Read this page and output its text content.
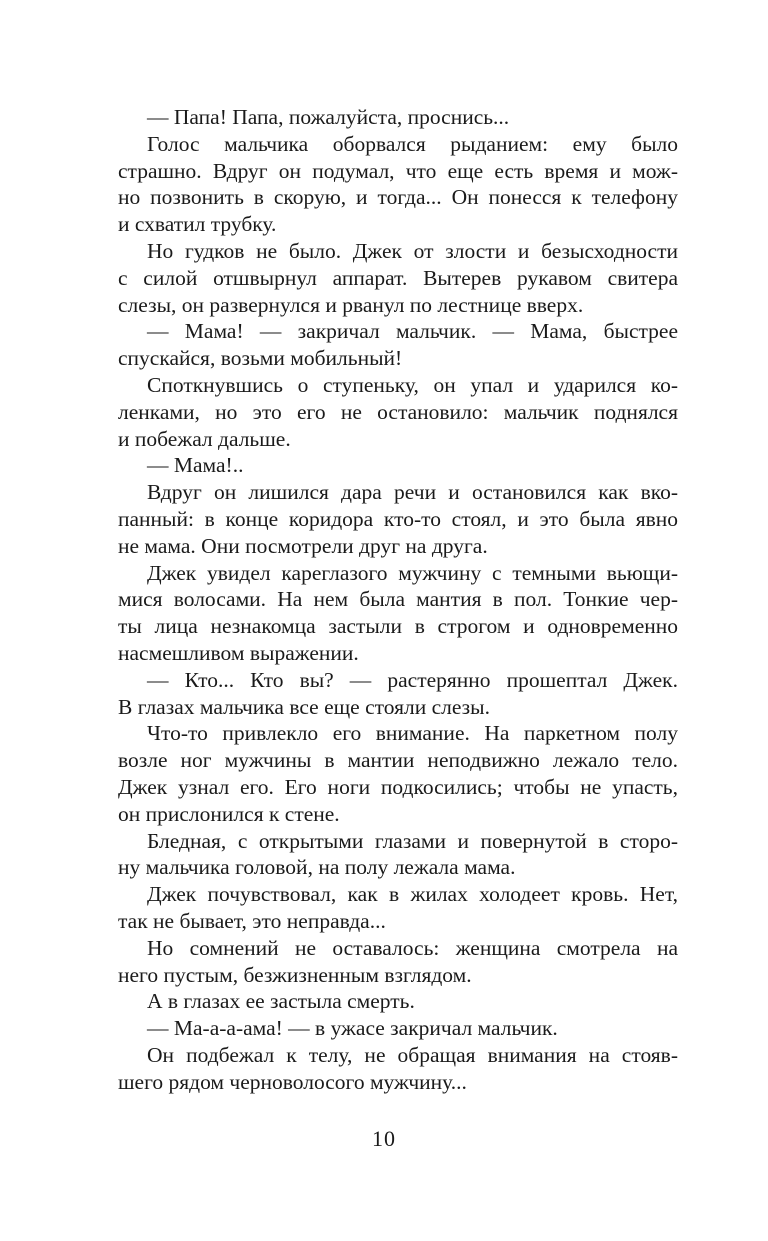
— Папа! Папа, пожалуйста, проснись...
Голос мальчика оборвался рыданием: ему было
страшно. Вдруг он подумал, что еще есть время и мож-
но позвонить в скорую, и тогда... Он понесся к телефону
и схватил трубку.
Но гудков не было. Джек от злости и безысходности
с силой отшвырнул аппарат. Вытерев рукавом свитера
слезы, он развернулся и рванул по лестнице вверх.
— Мама! — закричал мальчик. — Мама, быстрее
спускайся, возьми мобильный!
Споткнувшись о ступеньку, он упал и ударился ко-
ленками, но это его не остановило: мальчик поднялся
и побежал дальше.
— Мама!..
Вдруг он лишился дара речи и остановился как вко-
панный: в конце коридора кто-то стоял, и это была явно
не мама. Они посмотрели друг на друга.
Джек увидел кареглазого мужчину с темными вьющи-
мися волосами. На нем была мантия в пол. Тонкие чер-
ты лица незнакомца застыли в строгом и одновременно
насмешливом выражении.
— Кто... Кто вы? — растерянно прошептал Джек.
В глазах мальчика все еще стояли слезы.
Что-то привлекло его внимание. На паркетном полу
возле ног мужчины в мантии неподвижно лежало тело.
Джек узнал его. Его ноги подкосились; чтобы не упасть,
он прислонился к стене.
Бледная, с открытыми глазами и повернутой в сторо-
ну мальчика головой, на полу лежала мама.
Джек почувствовал, как в жилах холодеет кровь. Нет,
так не бывает, это неправда...
Но сомнений не оставалось: женщина смотрела на
него пустым, безжизненным взглядом.
А в глазах ее застыла смерть.
— Ма-а-а-ама! — в ужасе закричал мальчик.
Он подбежал к телу, не обращая внимания на стояв-
шего рядом черноволосого мужчину...
10
